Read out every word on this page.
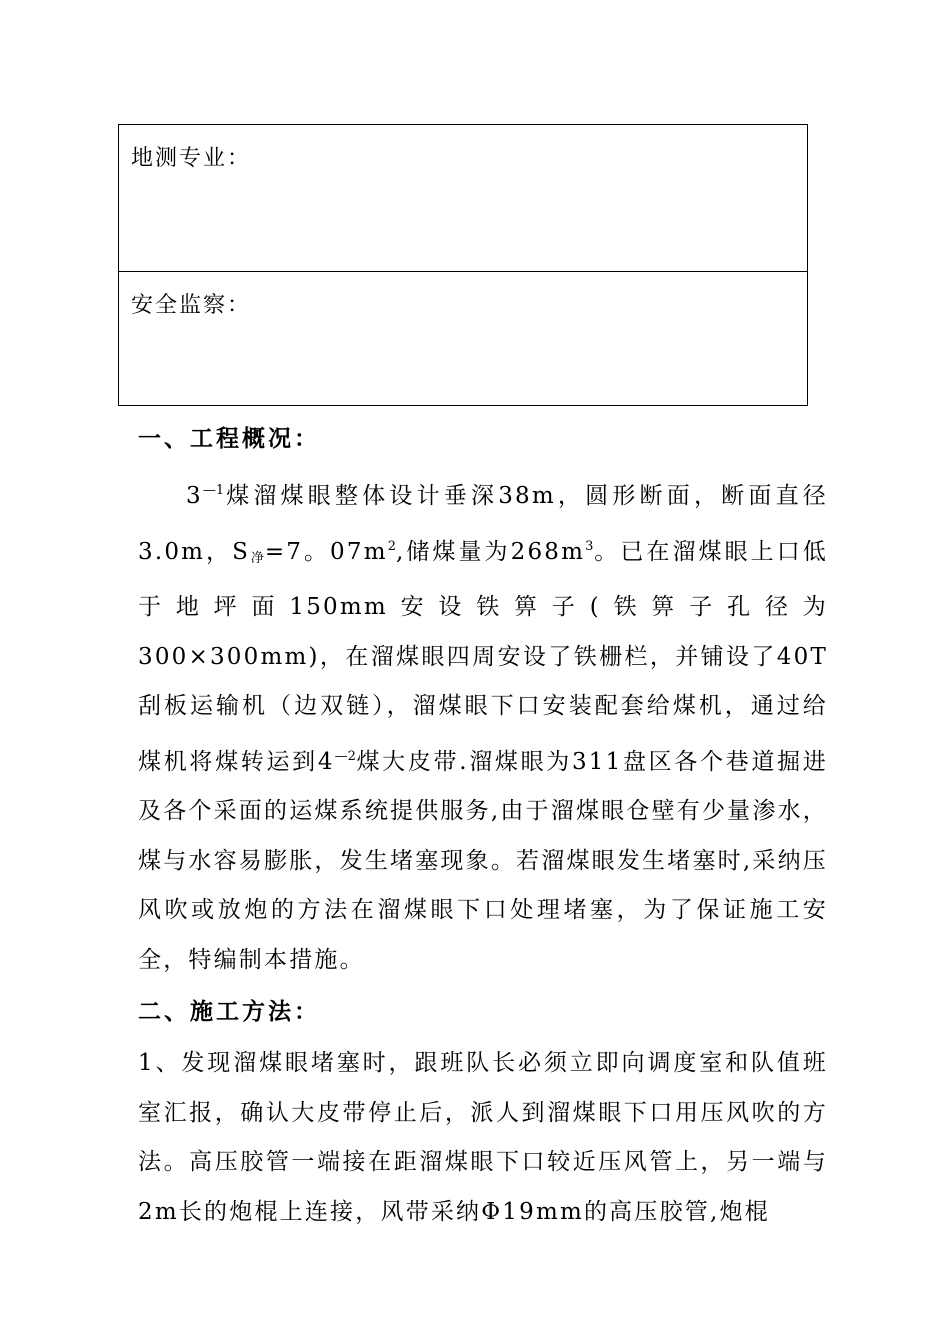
地测专业：
安全监察：
一、工程概况：

$3^{—1}$煤溜煤眼整体设计垂深38m，圆形断面，断面直径3.0m，$S_净=7$。$07m^2$,储煤量为$268m^3$。已在溜煤眼上口低于地坪面150mm安设铁箅子(铁箅子孔径为300×300mm)，在溜煤眼四周安设了铁栅栏，并铺设了40T刮板运输机（边双链），溜煤眼下口安装配套给煤机，通过给煤机将煤转运到$4^{—2}$煤大皮带.溜煤眼为311盘区各个巷道掘进及各个采面的运煤系统提供服务,由于溜煤眼仓壁有少量渗水，煤与水容易膨胀，发生堵塞现象。若溜煤眼发生堵塞时,采纳压风吹或放炮的方法在溜煤眼下口处理堵塞，为了保证施工安全，特编制本措施。

二、施工方法：

1、发现溜煤眼堵塞时，跟班队长必须立即向调度室和队值班室汇报，确认大皮带停止后，派人到溜煤眼下口用压风吹的方法。高压胶管一端接在距溜煤眼下口较近压风管上，另一端与2m长的炮棍上连接，风带采纳Φ19mm的高压胶管,炮棍
